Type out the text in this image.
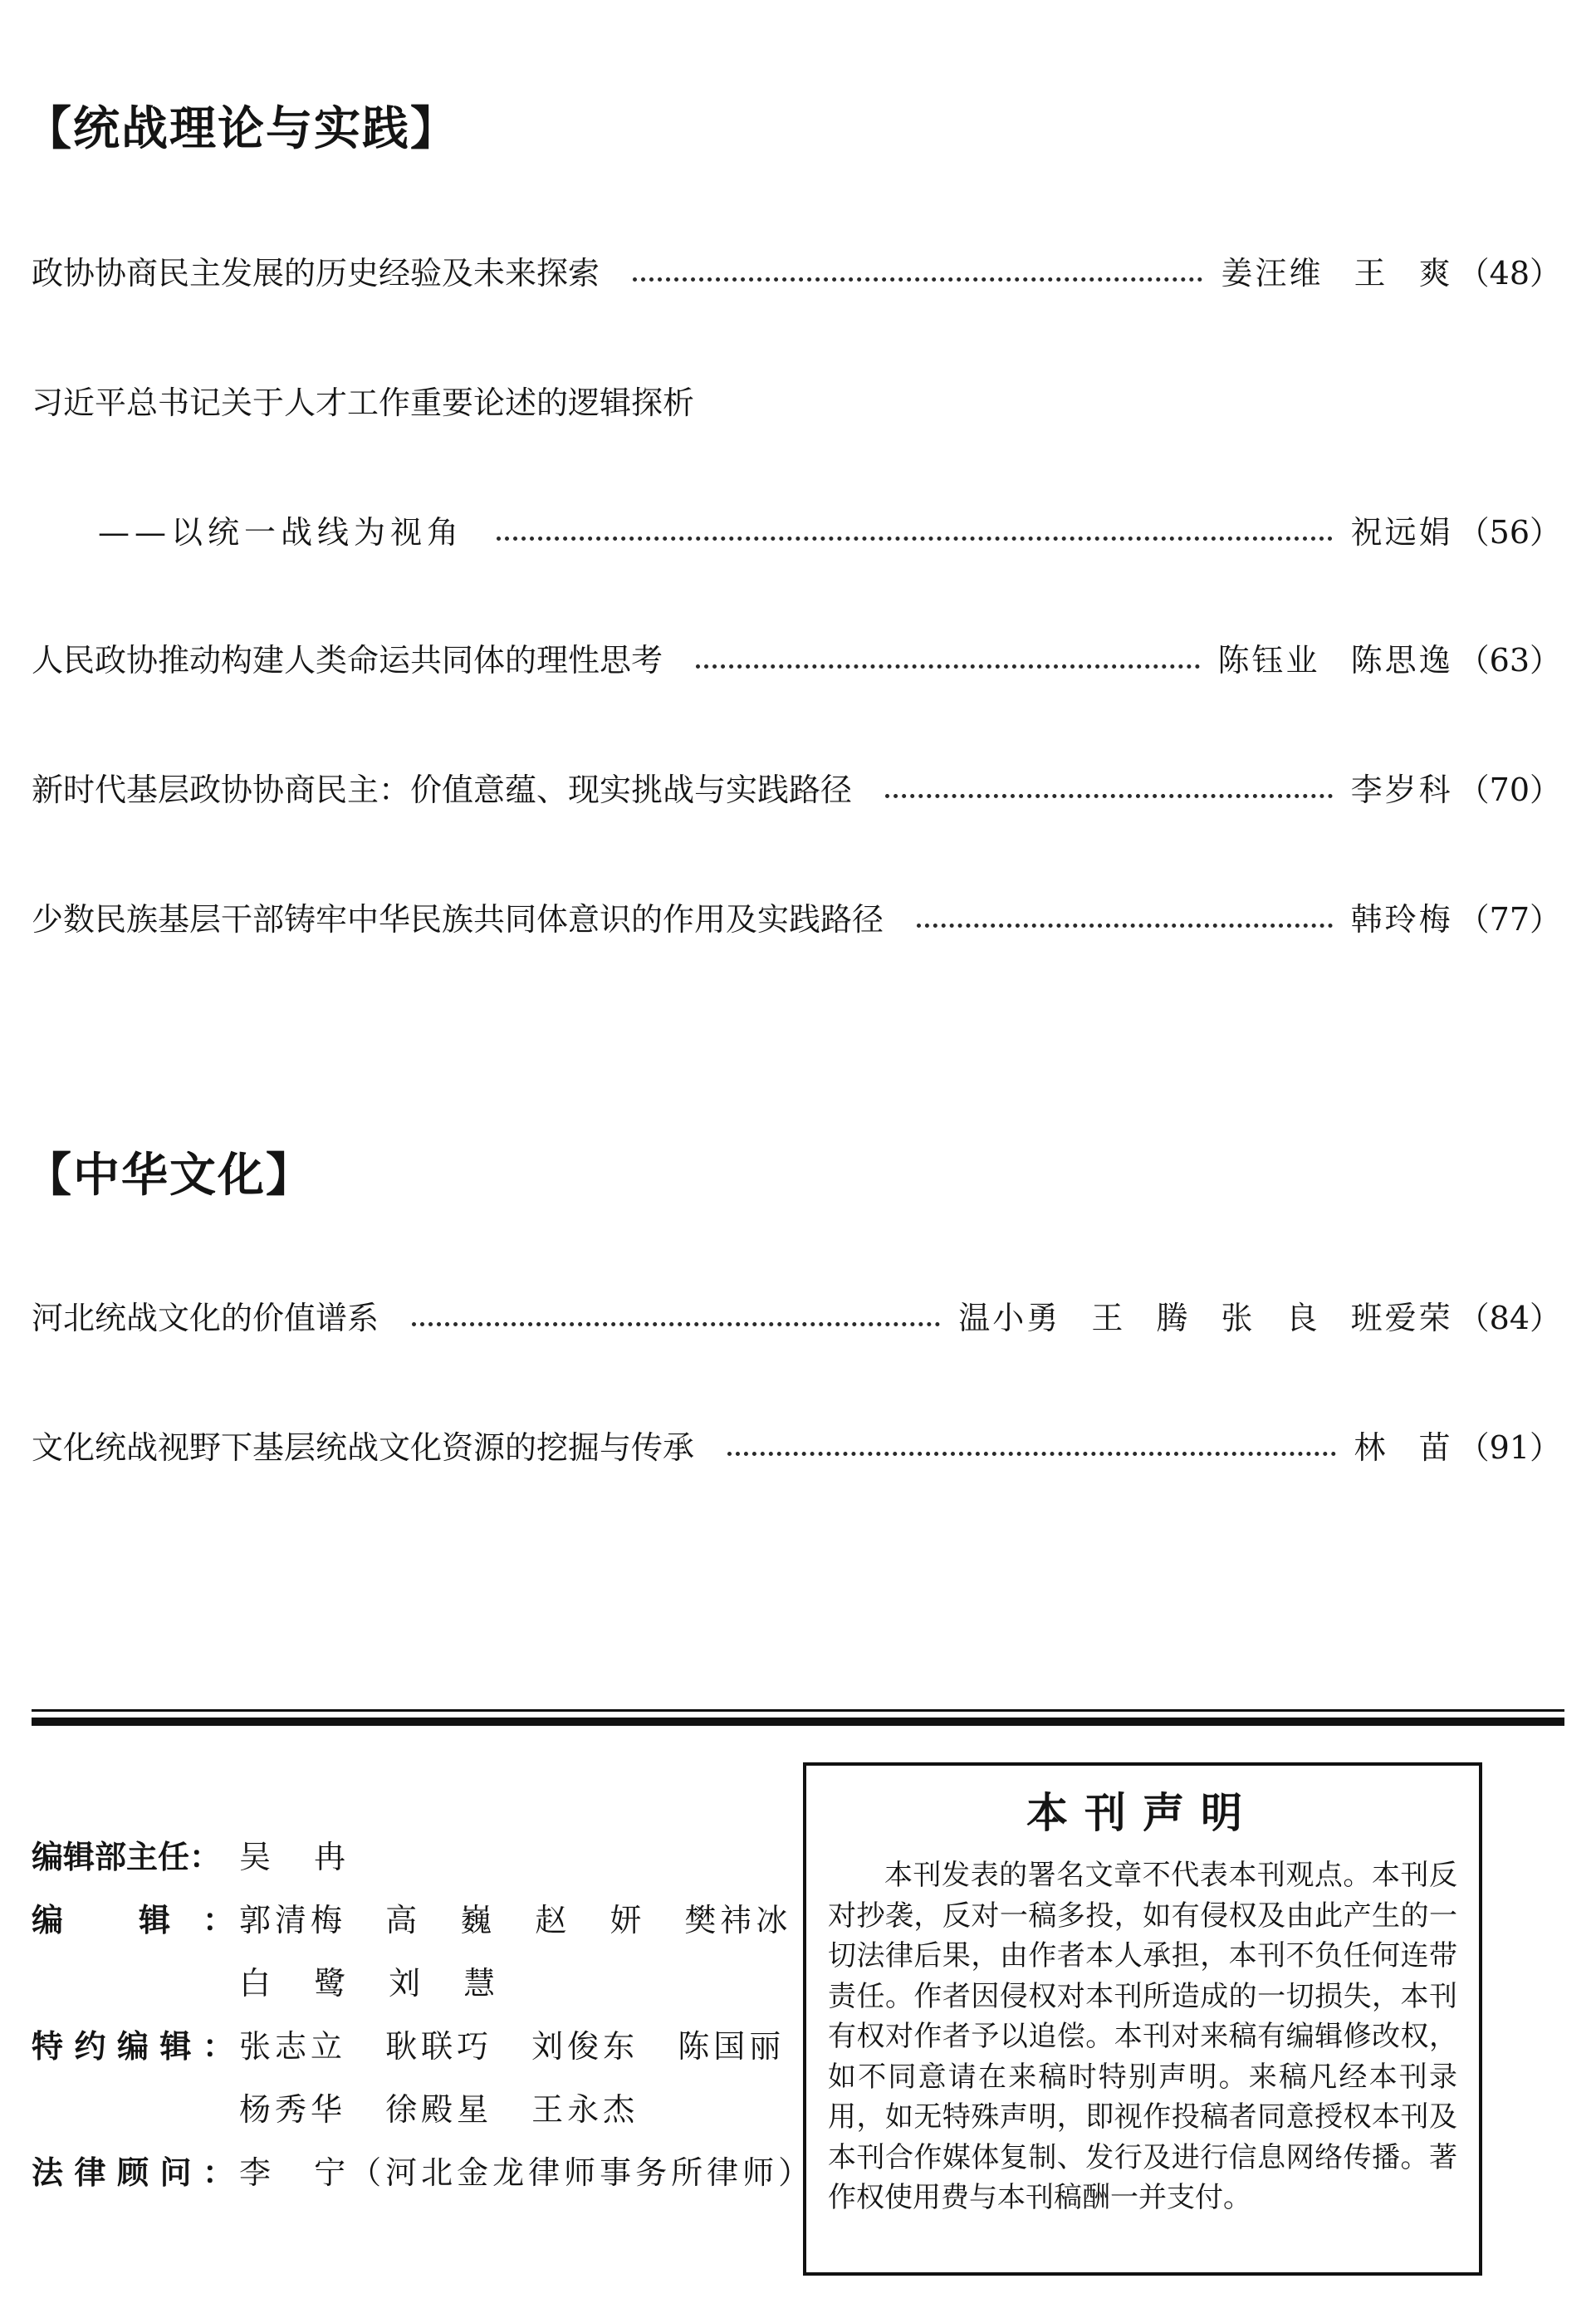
【统战理论与实践】
政协协商民主发展的历史经验及未来探索	姜汪维 王 爽 （48）
习近平总书记关于人才工作重要论述的逻辑探析
——以统一战线为视角	祝远娟 （56）
人民政协推动构建人类命运共同体的理性思考	陈钰业 陈思逸 （63）
新时代基层政协协商民主：价值意蕴、现实挑战与实践路径	李岁科 （70）
少数民族基层干部铸牢中华民族共同体意识的作用及实践路径	韩玲梅 （77）
【中华文化】
河北统战文化的价值谱系	温小勇 王 腾 张 良 班爱荣 （84）
文化统战视野下基层统战文化资源的挖掘与传承	林 苗 （91）
编辑部主任： 吴 冉
编 辑： 郭清梅 高 巍 赵 妍 樊祎冰
白 鹭 刘 慧
特约编辑： 张志立 耿联巧 刘俊东 陈国丽
杨秀华 徐殿星 王永杰
法律顾问： 李 宁（河北金龙律师事务所律师）
本刊声明

本刊发表的署名文章不代表本刊观点。本刊反对抄袭，反对一稿多投，如有侵权及由此产生的一切法律后果，由作者本人承担，本刊不负任何连带责任。作者因侵权对本刊所造成的一切损失，本刊有权对作者予以追偿。本刊对来稿有编辑修改权，如不同意请在来稿时特别声明。来稿凡经本刊录用，如无特殊声明，即视作投稿者同意授权本刊及本刊合作媒体复制、发行及进行信息网络传播。著作权使用费与本刊稿酬一并支付。
